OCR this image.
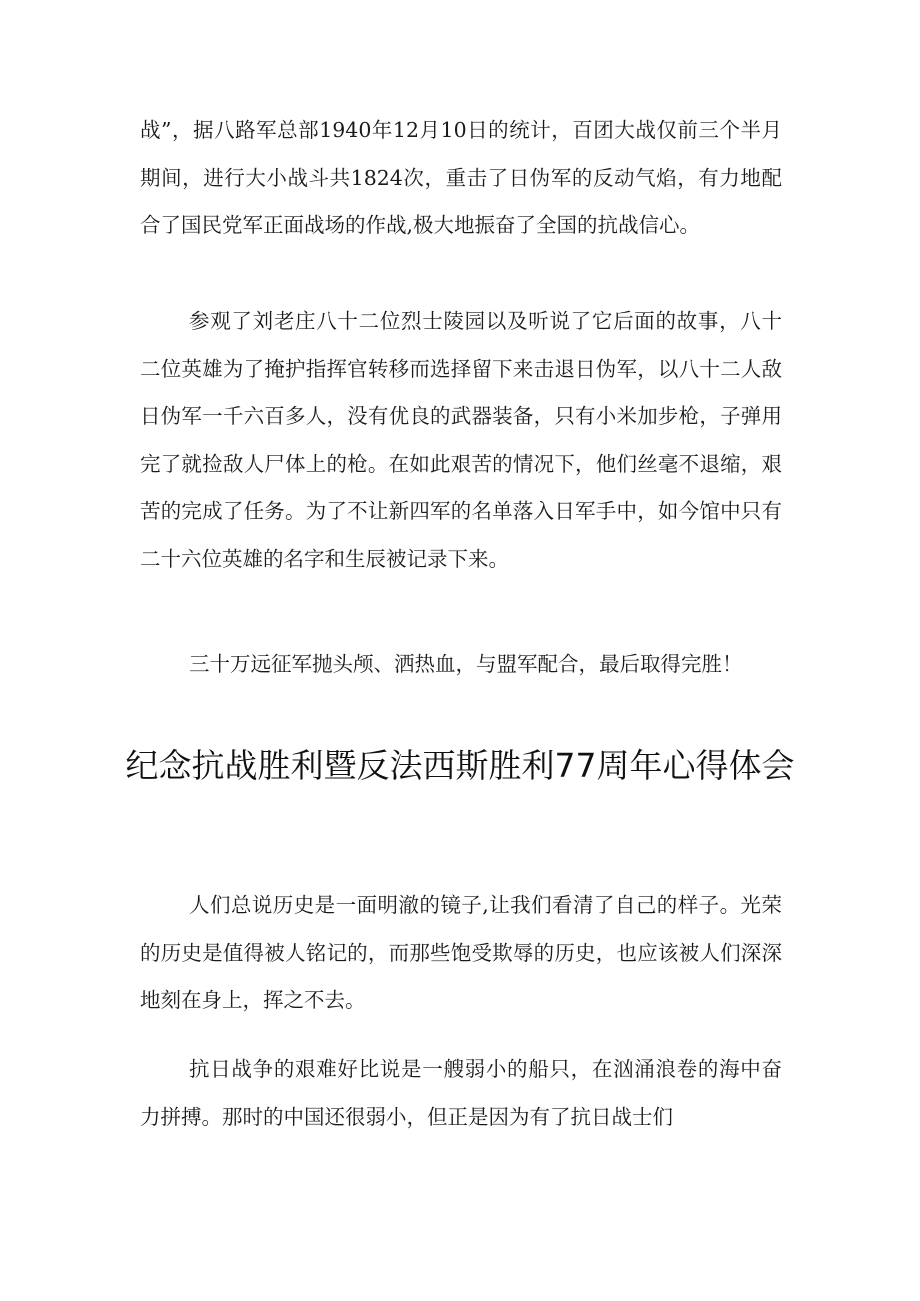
战”，据八路军总部1940年12月10日的统计，百团大战仅前三个半月期间，进行大小战斗共1824次，重击了日伪军的反动气焰，有力地配合了国民党军正面战场的作战,极大地振奋了全国的抗战信心。

参观了刘老庄八十二位烈士陵园以及听说了它后面的故事，八十二位英雄为了掩护指挥官转移而选择留下来击退日伪军，以八十二人敌日伪军一千六百多人，没有优良的武器装备，只有小米加步枪，子弹用完了就捡敌人尸体上的枪。在如此艰苦的情况下，他们丝毫不退缩，艰苦的完成了任务。为了不让新四军的名单落入日军手中，如今馆中只有二十六位英雄的名字和生辰被记录下来。

三十万远征军抛头颅、洒热血，与盟军配合，最后取得完胜！

纪念抗战胜利暨反法西斯胜利77周年心得体会

人们总说历史是一面明澈的镜子,让我们看清了自己的样子。光荣的历史是值得被人铭记的，而那些饱受欺辱的历史，也应该被人们深深地刻在身上，挥之不去。

抗日战争的艰难好比说是一艘弱小的船只，在汹涌浪卷的海中奋力拼搏。那时的中国还很弱小，但正是因为有了抗日战士们
